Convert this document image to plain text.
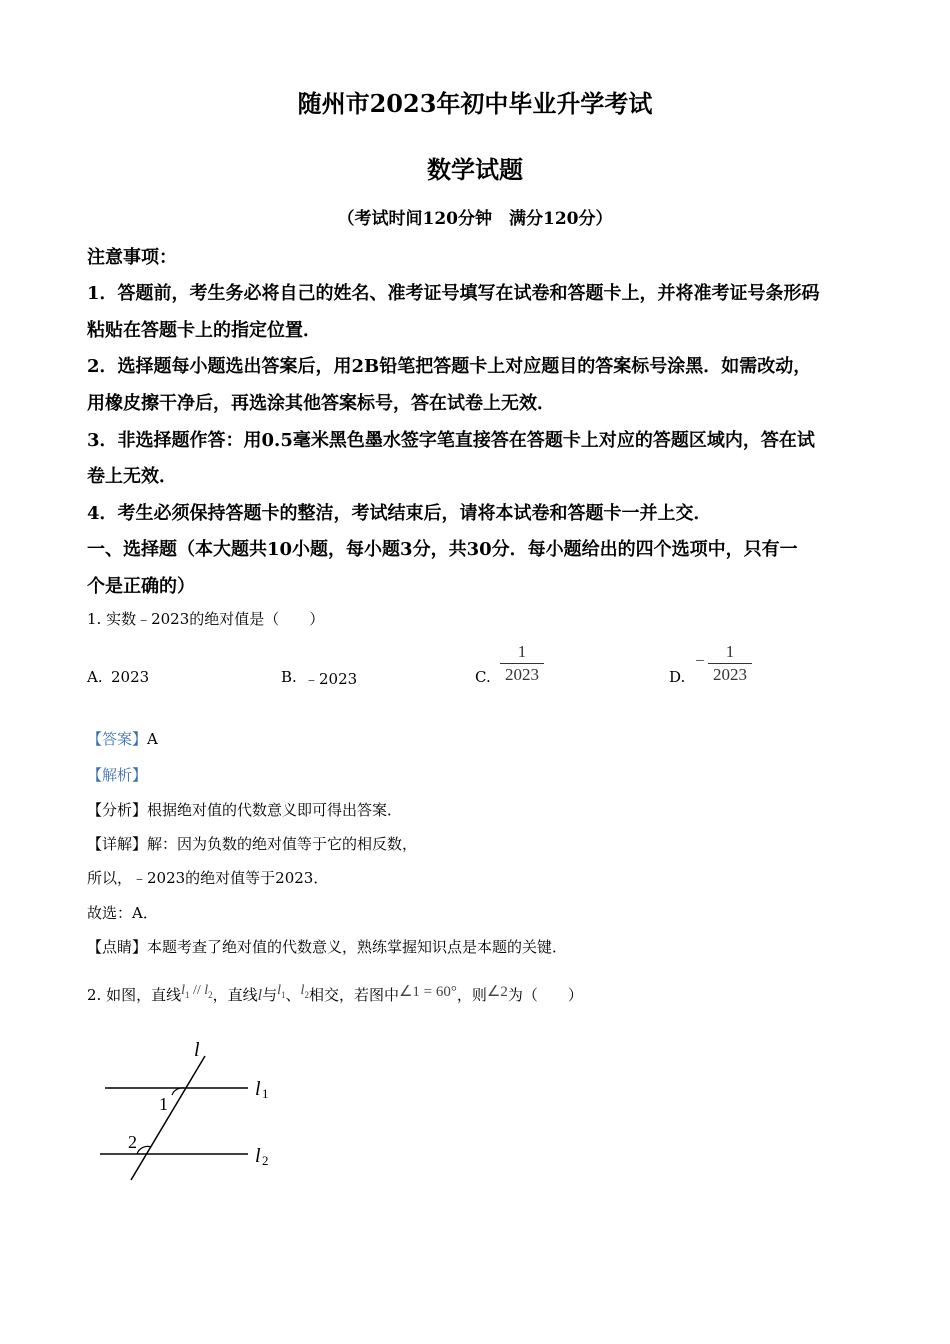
随州市2023年初中毕业升学考试
数学试题
（考试时间120分钟　满分120分）
注意事项：
1．答题前，考生务必将自己的姓名、准考证号填写在试卷和答题卡上，并将准考证号条形码
粘贴在答题卡上的指定位置．
2．选择题每小题选出答案后，用2B铅笔把答题卡上对应题目的答案标号涂黑．如需改动，
用橡皮擦干净后，再选涂其他答案标号，答在试卷上无效．
3．非选择题作答：用0.5毫米黑色墨水签字笔直接答在答题卡上对应的答题区域内，答在试
卷上无效．
4．考生必须保持答题卡的整洁，考试结束后，请将本试卷和答题卡一并上交．
一、选择题（本大题共10小题，每小题3分，共30分．每小题给出的四个选项中，只有一
个是正确的）
1. 实数﹣2023的绝对值是（　　）
A. 2023	B. ﹣2023	C.
1
2023	D.
−	1
2023
【答案】A
【解析】
【分析】根据绝对值的代数意义即可得出答案．
【详解】解：因为负数的绝对值等于它的相反数，
所以，﹣2023的绝对值等于2023．
故选：A．
【点睛】本题考查了绝对值的代数意义，熟练掌握知识点是本题的关键．
2. 如图，直线$l_1 // l_2$，直线l与$l_1$、$l_2$相交，若图中∠1 = 60°，则∠2为（　　）
l
l 1
l 2
1
2
